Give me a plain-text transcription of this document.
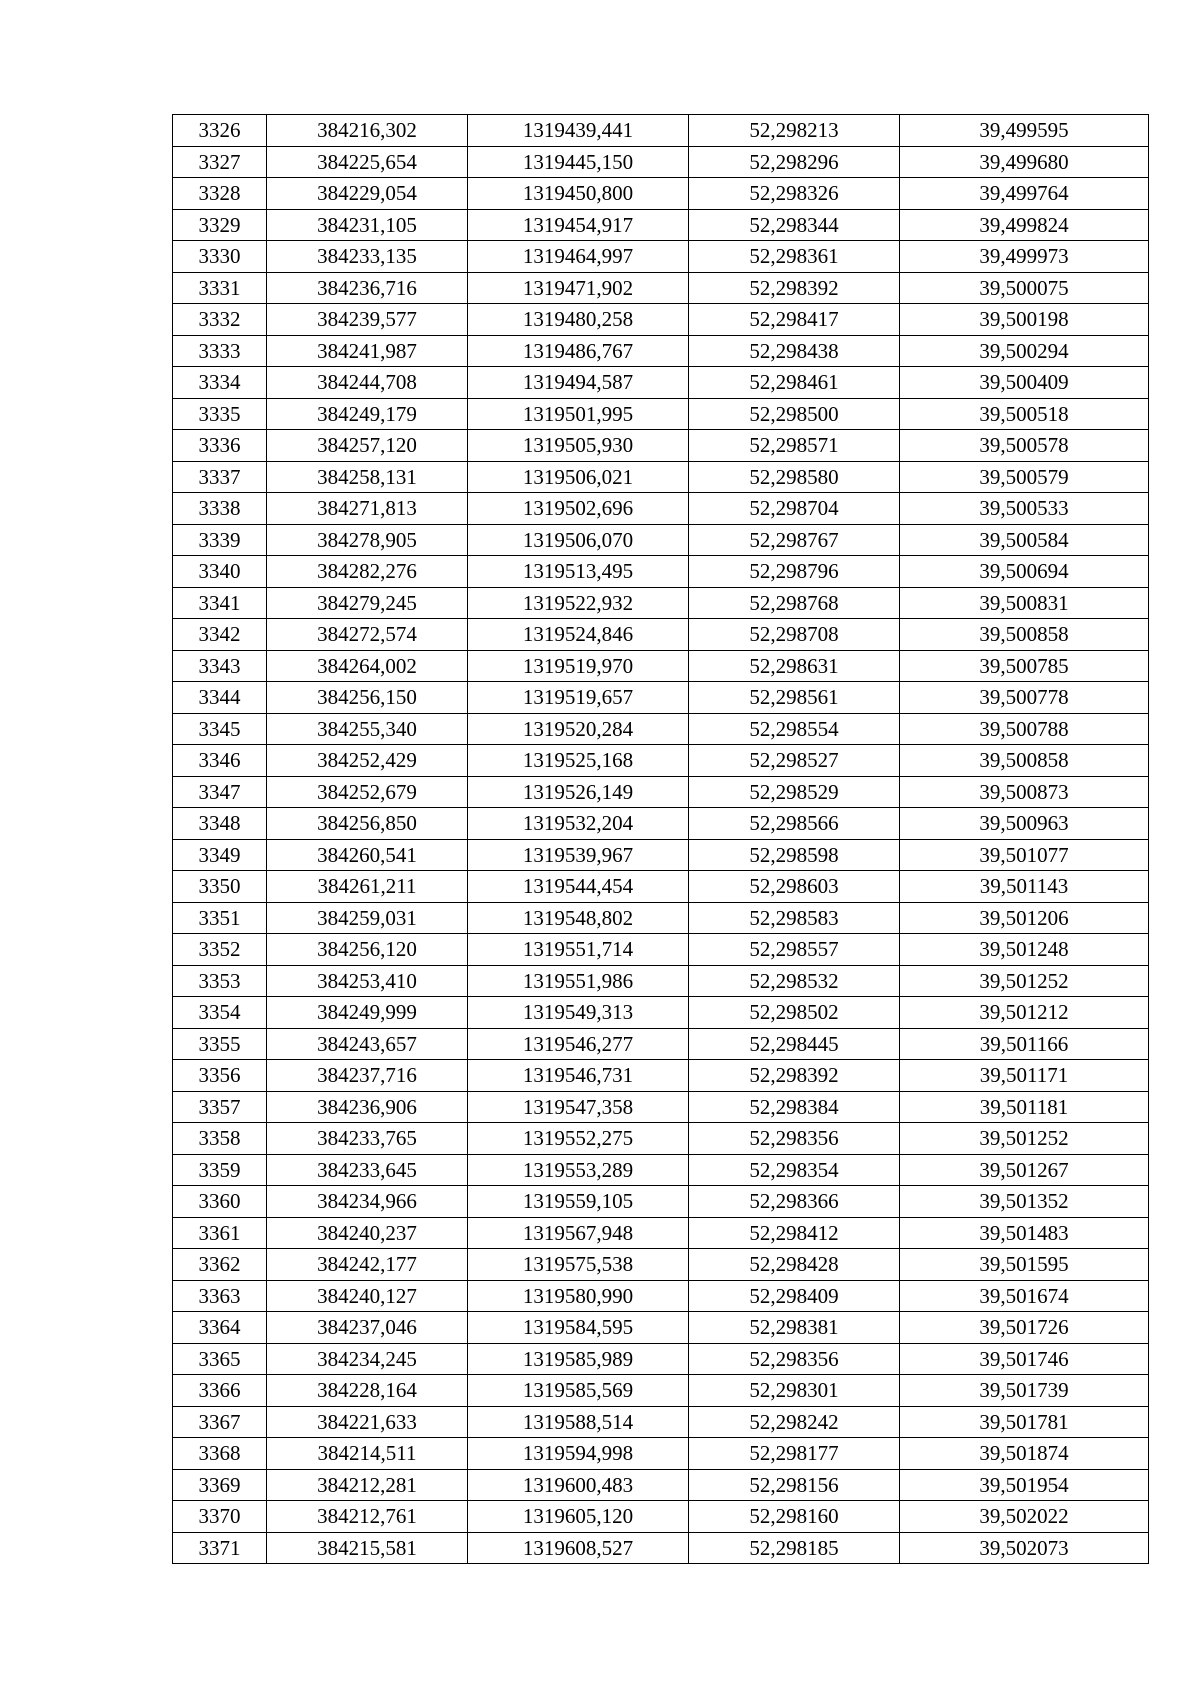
3326	384216,302	1319439,441	52,298213	39,499595
3327	384225,654	1319445,150	52,298296	39,499680
3328	384229,054	1319450,800	52,298326	39,499764
3329	384231,105	1319454,917	52,298344	39,499824
3330	384233,135	1319464,997	52,298361	39,499973
3331	384236,716	1319471,902	52,298392	39,500075
3332	384239,577	1319480,258	52,298417	39,500198
3333	384241,987	1319486,767	52,298438	39,500294
3334	384244,708	1319494,587	52,298461	39,500409
3335	384249,179	1319501,995	52,298500	39,500518
3336	384257,120	1319505,930	52,298571	39,500578
3337	384258,131	1319506,021	52,298580	39,500579
3338	384271,813	1319502,696	52,298704	39,500533
3339	384278,905	1319506,070	52,298767	39,500584
3340	384282,276	1319513,495	52,298796	39,500694
3341	384279,245	1319522,932	52,298768	39,500831
3342	384272,574	1319524,846	52,298708	39,500858
3343	384264,002	1319519,970	52,298631	39,500785
3344	384256,150	1319519,657	52,298561	39,500778
3345	384255,340	1319520,284	52,298554	39,500788
3346	384252,429	1319525,168	52,298527	39,500858
3347	384252,679	1319526,149	52,298529	39,500873
3348	384256,850	1319532,204	52,298566	39,500963
3349	384260,541	1319539,967	52,298598	39,501077
3350	384261,211	1319544,454	52,298603	39,501143
3351	384259,031	1319548,802	52,298583	39,501206
3352	384256,120	1319551,714	52,298557	39,501248
3353	384253,410	1319551,986	52,298532	39,501252
3354	384249,999	1319549,313	52,298502	39,501212
3355	384243,657	1319546,277	52,298445	39,501166
3356	384237,716	1319546,731	52,298392	39,501171
3357	384236,906	1319547,358	52,298384	39,501181
3358	384233,765	1319552,275	52,298356	39,501252
3359	384233,645	1319553,289	52,298354	39,501267
3360	384234,966	1319559,105	52,298366	39,501352
3361	384240,237	1319567,948	52,298412	39,501483
3362	384242,177	1319575,538	52,298428	39,501595
3363	384240,127	1319580,990	52,298409	39,501674
3364	384237,046	1319584,595	52,298381	39,501726
3365	384234,245	1319585,989	52,298356	39,501746
3366	384228,164	1319585,569	52,298301	39,501739
3367	384221,633	1319588,514	52,298242	39,501781
3368	384214,511	1319594,998	52,298177	39,501874
3369	384212,281	1319600,483	52,298156	39,501954
3370	384212,761	1319605,120	52,298160	39,502022
3371	384215,581	1319608,527	52,298185	39,502073
